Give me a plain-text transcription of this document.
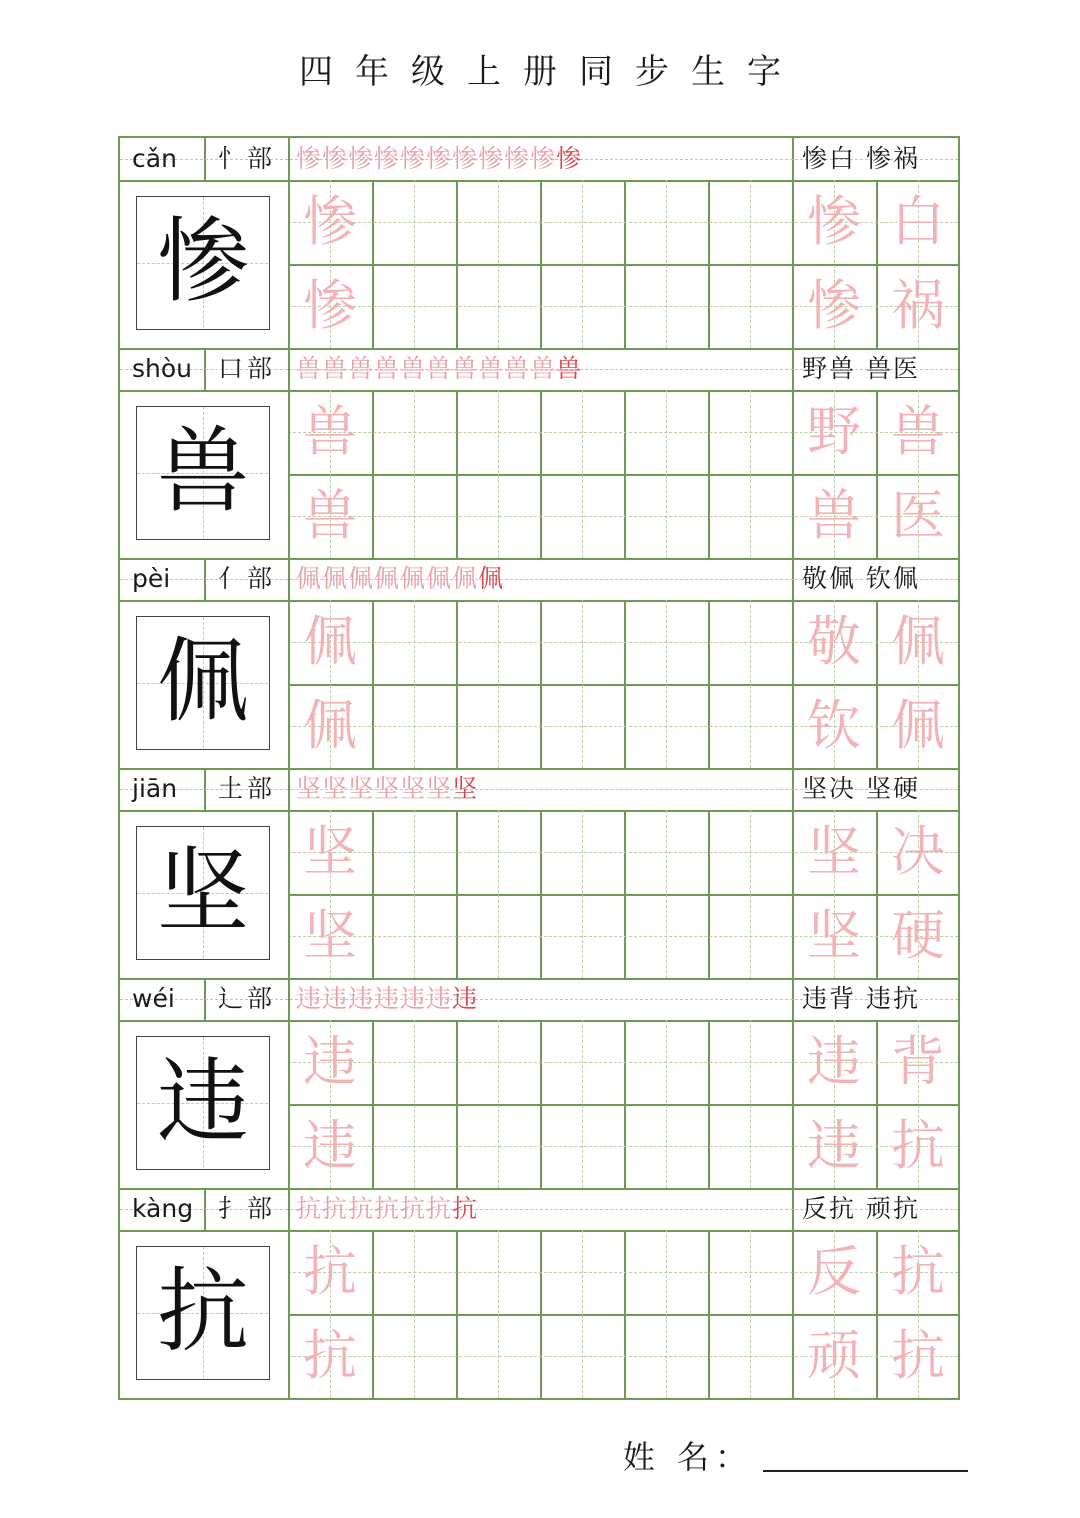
四年级上册同步生字
cǎn 忄部 惨惨惨惨惨惨惨惨惨惨惨	惨白 惨祸
惨	惨
惨
惨 白
惨 祸
shòu 口部 兽兽兽兽兽兽兽兽兽兽兽	野兽 兽医
兽	兽
兽
野 兽
兽 医
pèi 亻部 佩佩佩佩佩佩佩佩	敬佩 钦佩
佩	佩
佩
敬 佩
钦 佩
jiān 土部 坚坚坚坚坚坚坚	坚决 坚硬
坚	坚
坚
坚 决
坚 硬
wéi 辶部 违违违违违违违	违背 违抗
违	违
违
违 背
违 抗
kàng 扌部 抗抗抗抗抗抗抗	反抗 顽抗
抗	抗
抗
反 抗
顽 抗
姓 名：
